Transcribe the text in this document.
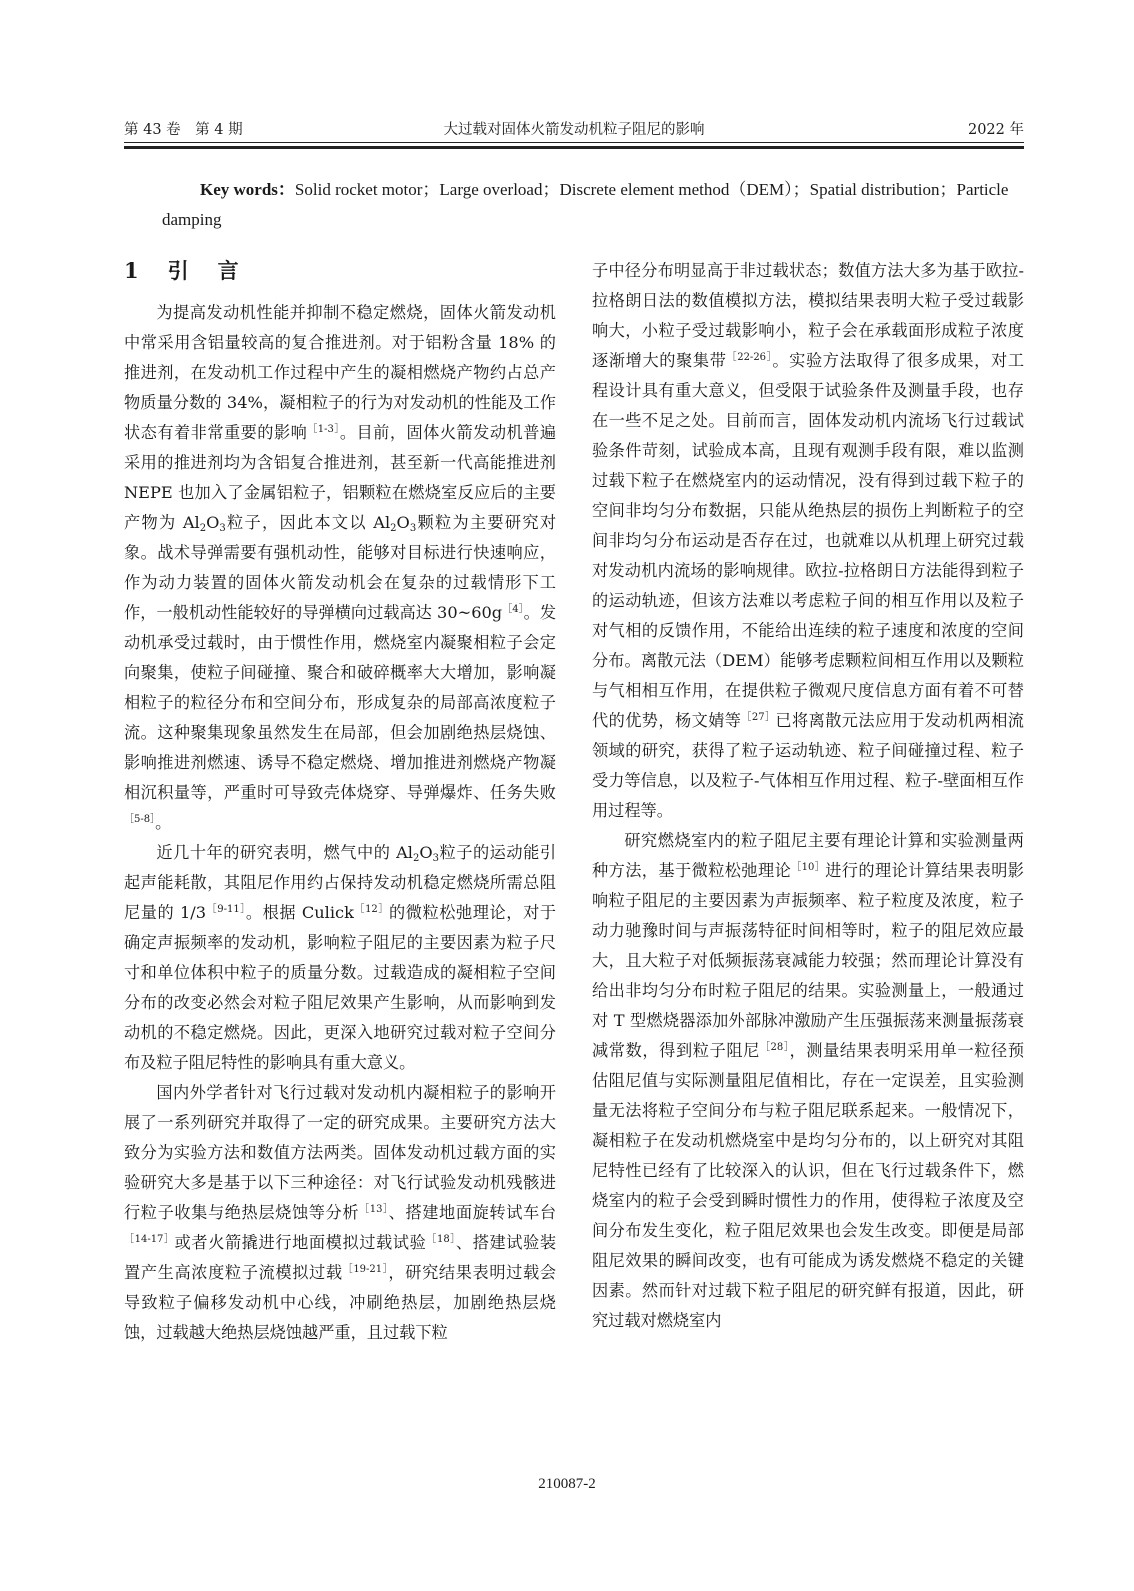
第 43 卷　第 4 期	大过载对固体火箭发动机粒子阻尼的影响	2022 年
Key words：Solid rocket motor；Large overload；Discrete element method（DEM）；Spatial distribution；Particle damping
1　引　言

为提高发动机性能并抑制不稳定燃烧，固体火箭发动机中常采用含铝量较高的复合推进剂。对于铝粉含量 18% 的推进剂，在发动机工作过程中产生的凝相燃烧产物约占总产物质量分数的 34%，凝相粒子的行为对发动机的性能及工作状态有着非常重要的影响$^{[1-3]}$。目前，固体火箭发动机普遍采用的推进剂均为含铝复合推进剂，甚至新一代高能推进剂NEPE 也加入了金属铝粒子，铝颗粒在燃烧室反应后的主要产物为 $Al_2O_3$粒子，因此本文以 $Al_2O_3$颗粒为主要研究对象。战术导弹需要有强机动性，能够对目标进行快速响应，作为动力装置的固体火箭发动机会在复杂的过载情形下工作，一般机动性能较好的导弹横向过载高达 $30\sim 60g^{[4]}$。发动机承受过载时，由于惯性作用，燃烧室内凝聚相粒子会定向聚集，使粒子间碰撞、聚合和破碎概率大大增加，影响凝相粒子的粒径分布和空间分布，形成复杂的局部高浓度粒子流。这种聚集现象虽然发生在局部，但会加剧绝热层烧蚀、影响推进剂燃速、诱导不稳定燃烧、增加推进剂燃烧产物凝相沉积量等，严重时可导致壳体烧穿、导弹爆炸、任务失败$^{[5-8]}$。

近几十年的研究表明，燃气中的 $Al_2O_3$粒子的运动能引起声能耗散，其阻尼作用约占保持发动机稳定燃烧所需总阻尼量的 $1/3^{[9-11]}$。根据 Culick$^{[12]}$的微粒松弛理论，对于确定声振频率的发动机，影响粒子阻尼的主要因素为粒子尺寸和单位体积中粒子的质量分数。过载造成的凝相粒子空间分布的改变必然会对粒子阻尼效果产生影响，从而影响到发动机的不稳定燃烧。因此，更深入地研究过载对粒子空间分布及粒子阻尼特性的影响具有重大意义。

国内外学者针对飞行过载对发动机内凝相粒子的影响开展了一系列研究并取得了一定的研究成果。主要研究方法大致分为实验方法和数值方法两类。固体发动机过载方面的实验研究大多是基于以下三种途径：对飞行试验发动机残骸进行粒子收集与绝热层烧蚀等分析$^{[13]}$、搭建地面旋转试车台$^{[14-17]}$或者火箭撬进行地面模拟过载试验$^{[18]}$、搭建试验装置产生高浓度粒子流模拟过载$^{[19-21]}$，研究结果表明过载会导致粒子偏移发动机中心线，冲刷绝热层，加剧绝热层烧蚀，过载越大绝热层烧蚀越严重，且过载下粒

子中径分布明显高于非过载状态；数值方法大多为基于欧拉-拉格朗日法的数值模拟方法，模拟结果表明大粒子受过载影响大，小粒子受过载影响小，粒子会在承载面形成粒子浓度逐渐增大的聚集带$^{[22-26]}$。实验方法取得了很多成果，对工程设计具有重大意义，但受限于试验条件及测量手段，也存在一些不足之处。目前而言，固体发动机内流场飞行过载试验条件苛刻，试验成本高，且现有观测手段有限，难以监测过载下粒子在燃烧室内的运动情况，没有得到过载下粒子的空间非均匀分布数据，只能从绝热层的损伤上判断粒子的空间非均匀分布运动是否存在过，也就难以从机理上研究过载对发动机内流场的影响规律。欧拉-拉格朗日方法能得到粒子的运动轨迹，但该方法难以考虑粒子间的相互作用以及粒子对气相的反馈作用，不能给出连续的粒子速度和浓度的空间分布。离散元法（DEM）能够考虑颗粒间相互作用以及颗粒与气相相互作用，在提供粒子微观尺度信息方面有着不可替代的优势，杨文婧等$^{[27]}$已将离散元法应用于发动机两相流领域的研究，获得了粒子运动轨迹、粒子间碰撞过程、粒子受力等信息，以及粒子-气体相互作用过程、粒子-壁面相互作用过程等。

研究燃烧室内的粒子阻尼主要有理论计算和实验测量两种方法，基于微粒松弛理论$^{[10]}$进行的理论计算结果表明影响粒子阻尼的主要因素为声振频率、粒子粒度及浓度，粒子动力驰豫时间与声振荡特征时间相等时，粒子的阻尼效应最大，且大粒子对低频振荡衰减能力较强；然而理论计算没有给出非均匀分布时粒子阻尼的结果。实验测量上，一般通过对 T 型燃烧器添加外部脉冲激励产生压强振荡来测量振荡衰减常数，得到粒子阻尼$^{[28]}$，测量结果表明采用单一粒径预估阻尼值与实际测量阻尼值相比，存在一定误差，且实验测量无法将粒子空间分布与粒子阻尼联系起来。一般情况下，凝相粒子在发动机燃烧室中是均匀分布的，以上研究对其阻尼特性已经有了比较深入的认识，但在飞行过载条件下，燃烧室内的粒子会受到瞬时惯性力的作用，使得粒子浓度及空间分布发生变化，粒子阻尼效果也会发生改变。即便是局部阻尼效果的瞬间改变，也有可能成为诱发燃烧不稳定的关键因素。然而针对过载下粒子阻尼的研究鲜有报道，因此，研究过载对燃烧室内

210087-2
